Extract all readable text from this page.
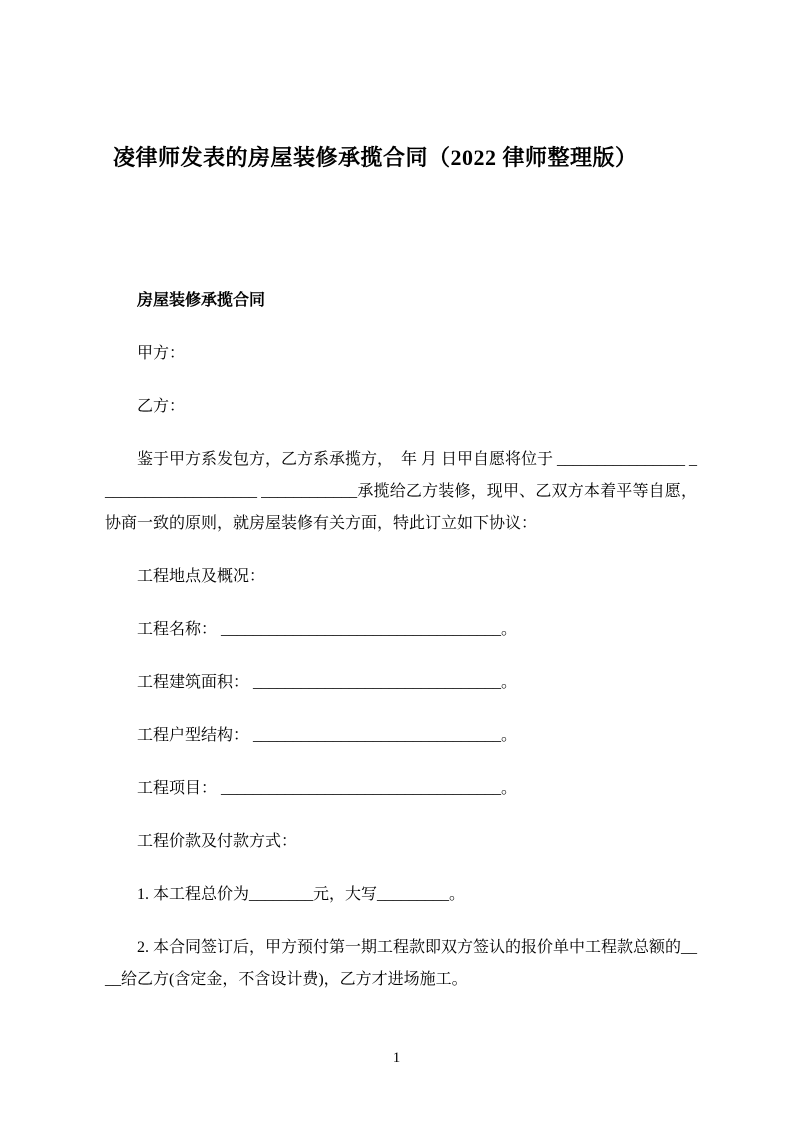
凌律师发表的房屋装修承揽合同（2022 律师整理版）
房屋装修承揽合同

甲方：

乙方：

鉴于甲方系发包方，乙方系承揽方，　年 月 日甲自愿将位于 ________________ ____________________ ____________承揽给乙方装修，现甲、乙双方本着平等自愿，协商一致的原则，就房屋装修有关方面，特此订立如下协议：

工程地点及概况：

工程名称： ___________________________________。

工程建筑面积： _______________________________。

工程户型结构： _______________________________。

工程项目： ___________________________________。

工程价款及付款方式：

1. 本工程总价为________元，大写_________。

2. 本合同签订后，甲方预付第一期工程款即双方签认的报价单中工程款总额的____给乙方(含定金，不含设计费)，乙方才进场施工。

1
